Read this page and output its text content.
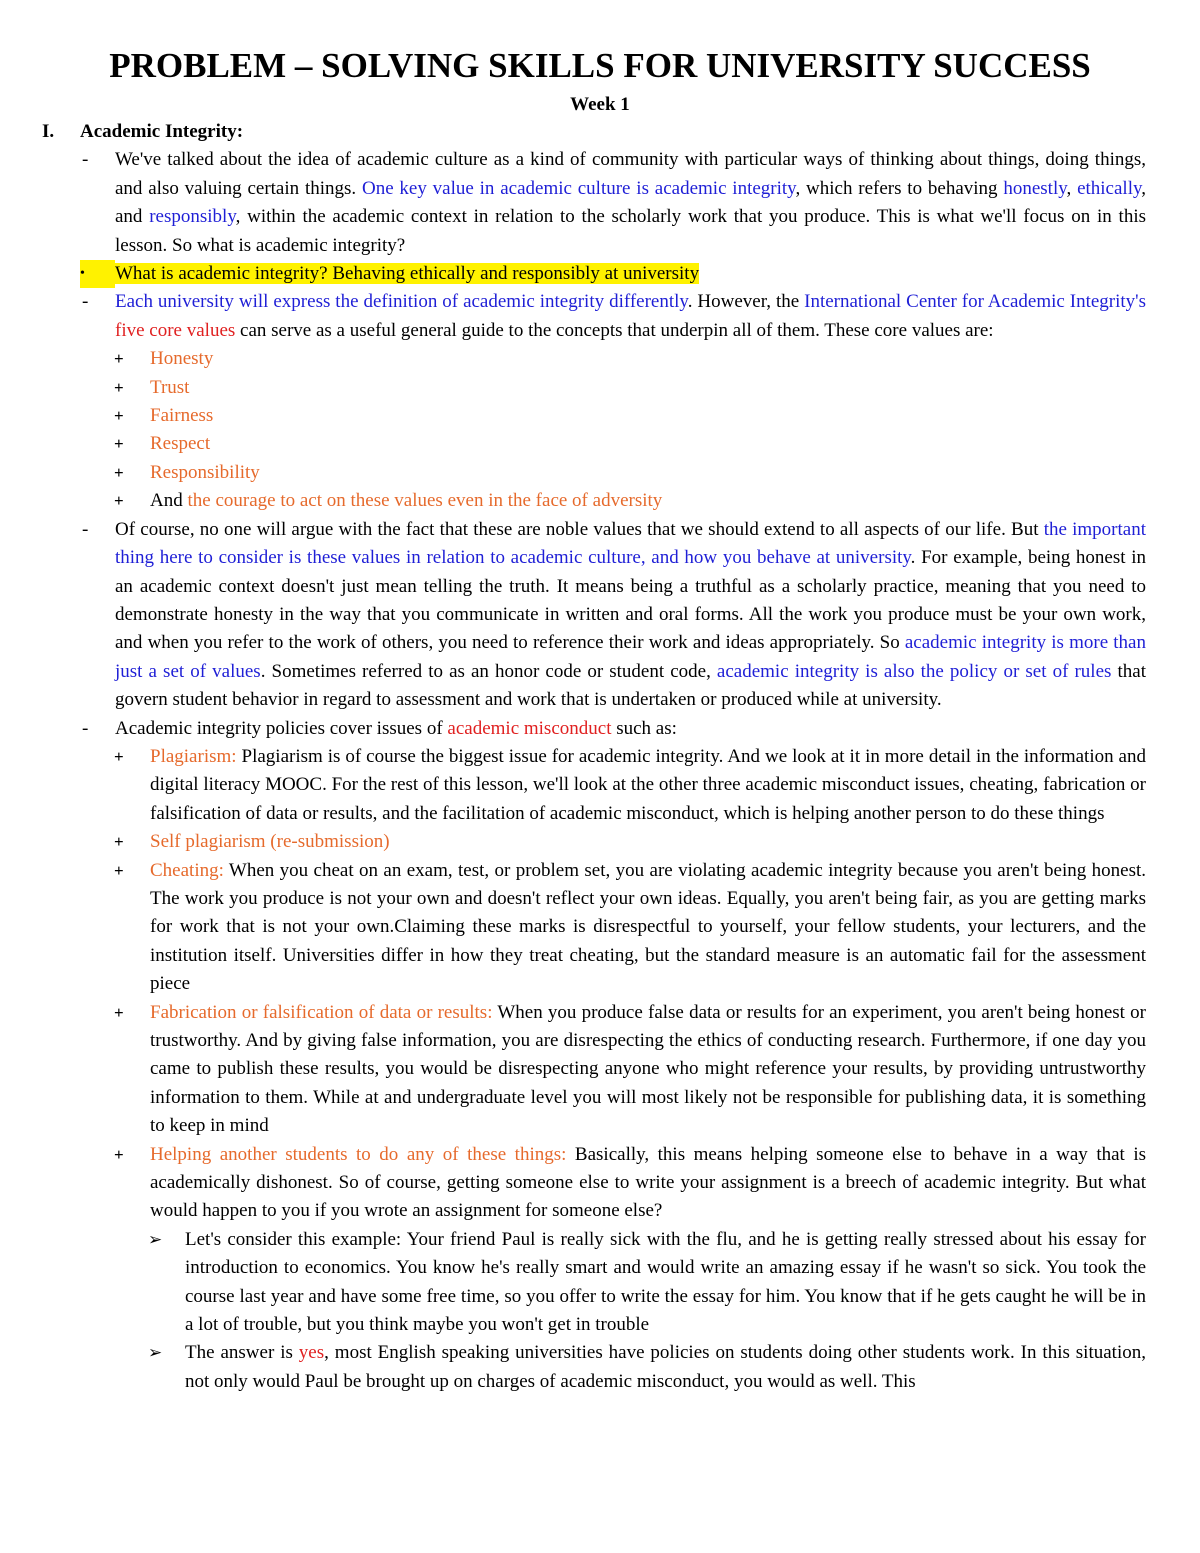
PROBLEM – SOLVING SKILLS FOR UNIVERSITY SUCCESS
Week 1
I. Academic Integrity:
- We've talked about the idea of academic culture as a kind of community with particular ways of thinking about things, doing things, and also valuing certain things. One key value in academic culture is academic integrity, which refers to behaving honestly, ethically, and responsibly, within the academic context in relation to the scholarly work that you produce. This is what we'll focus on in this lesson. So what is academic integrity?
•	What is academic integrity? Behaving ethically and responsibly at university
- Each university will express the definition of academic integrity differently. However, the International Center for Academic Integrity's five core values can serve as a useful general guide to the concepts that underpin all of them. These core values are:
+ Honesty
+ Trust
+ Fairness
+ Respect
+ Responsibility
+ And the courage to act on these values even in the face of adversity
- Of course, no one will argue with the fact that these are noble values that we should extend to all aspects of our life. But the important thing here to consider is these values in relation to academic culture, and how you behave at university. For example, being honest in an academic context doesn't just mean telling the truth. It means being a truthful as a scholarly practice, meaning that you need to demonstrate honesty in the way that you communicate in written and oral forms. All the work you produce must be your own work, and when you refer to the work of others, you need to reference their work and ideas appropriately. So academic integrity is more than just a set of values. Sometimes referred to as an honor code or student code, academic integrity is also the policy or set of rules that govern student behavior in regard to assessment and work that is undertaken or produced while at university.
- Academic integrity policies cover issues of academic misconduct such as:
+ Plagiarism: Plagiarism is of course the biggest issue for academic integrity. And we look at it in more detail in the information and digital literacy MOOC. For the rest of this lesson, we'll look at the other three academic misconduct issues, cheating, fabrication or falsification of data or results, and the facilitation of academic misconduct, which is helping another person to do these things
+ Self plagiarism (re-submission)
+ Cheating: When you cheat on an exam, test, or problem set, you are violating academic integrity because you aren't being honest. The work you produce is not your own and doesn't reflect your own ideas. Equally, you aren't being fair, as you are getting marks for work that is not your own.Claiming these marks is disrespectful to yourself, your fellow students, your lecturers, and the institution itself. Universities differ in how they treat cheating, but the standard measure is an automatic fail for the assessment piece
+ Fabrication or falsification of data or results: When you produce false data or results for an experiment, you aren't being honest or trustworthy. And by giving false information, you are disrespecting the ethics of conducting research. Furthermore, if one day you came to publish these results, you would be disrespecting anyone who might reference your results, by providing untrustworthy information to them. While at and undergraduate level you will most likely not be responsible for publishing data, it is something to keep in mind
+ Helping another students to do any of these things: Basically, this means helping someone else to behave in a way that is academically dishonest. So of course, getting someone else to write your assignment is a breech of academic integrity. But what would happen to you if you wrote an assignment for someone else?
➢ Let's consider this example: Your friend Paul is really sick with the flu, and he is getting really stressed about his essay for introduction to economics. You know he's really smart and would write an amazing essay if he wasn't so sick. You took the course last year and have some free time, so you offer to write the essay for him. You know that if he gets caught he will be in a lot of trouble, but you think maybe you won't get in trouble
➢ The answer is yes, most English speaking universities have policies on students doing other students work. In this situation, not only would Paul be brought up on charges of academic misconduct, you would as well. This
